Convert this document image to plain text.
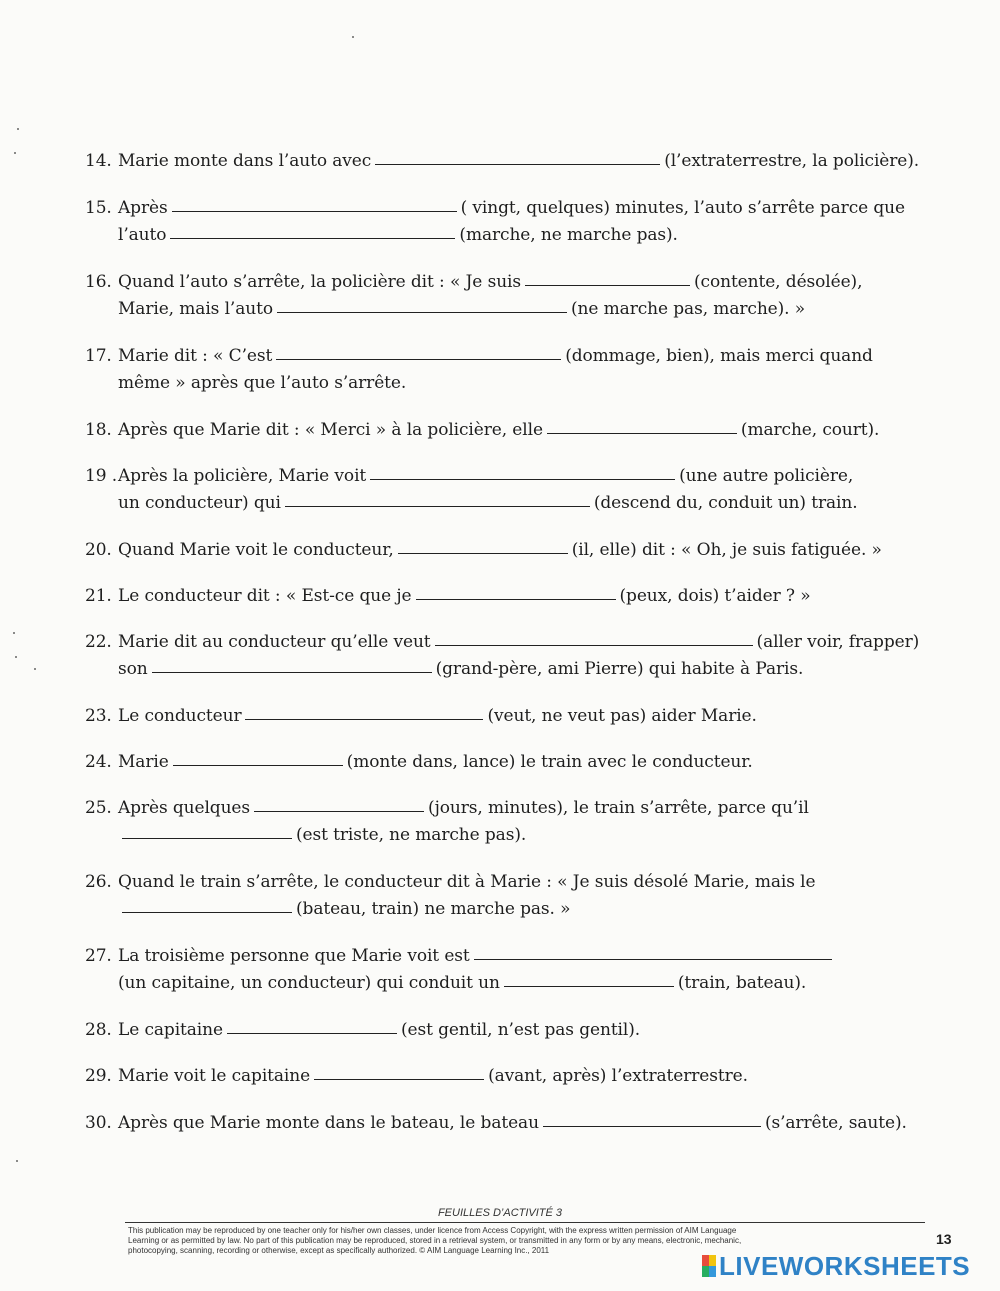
14. Marie monte dans l’auto avec	(l’extraterrestre, la policière).
15. Après	( vingt, quelques) minutes, l’auto s’arrête parce que
l’auto	(marche, ne marche pas).
16. Quand l’auto s’arrête, la policière dit : « Je suis	(contente, désolée),
Marie, mais l’auto	(ne marche pas, marche). »
17. Marie dit : « C’est	(dommage, bien), mais merci quand
même » après que l’auto s’arrête.
18. Après que Marie dit : « Merci » à la policière, elle	(marche, court).
19 .Après la policière, Marie voit	(une autre policière,
un conducteur) qui	(descend du, conduit un) train.
20. Quand Marie voit le conducteur,	(il, elle) dit : « Oh, je suis fatiguée. »
21. Le conducteur dit : « Est-ce que je	(peux, dois) t’aider ? »
22. Marie dit au conducteur qu’elle veut	(aller voir, frapper)
son	(grand-père, ami Pierre) qui habite à Paris.
23. Le conducteur	(veut, ne veut pas) aider Marie.
24. Marie	(monte dans, lance) le train avec le conducteur.
25. Après quelques	(jours, minutes), le train s’arrête, parce qu’il
(est triste, ne marche pas).
26. Quand le train s’arrête, le conducteur dit à Marie : « Je suis désolé Marie, mais le
(bateau, train) ne marche pas. »
27. La troisième personne que Marie voit est
(un capitaine, un conducteur) qui conduit un	(train, bateau).
28. Le capitaine	(est gentil, n’est pas gentil).
29. Marie voit le capitaine	(avant, après) l’extraterrestre.
30. Après que Marie monte dans le bateau, le bateau	(s’arrête, saute).
FEUILLES D’ACTIVITÉ 3
This publication may be reproduced by one teacher only for his/her own classes, under licence from Access Copyright, with the express written permission of AIM Language
Learning or as permitted by law. No part of this publication may be reproduced, stored in a retrieval system, or transmitted in any form or by any means, electronic, mechanic,
photocopying, scanning, recording or otherwise, except as specifically authorized. © AIM Language Learning Inc., 2011
13
LIVEWORKSHEETS
